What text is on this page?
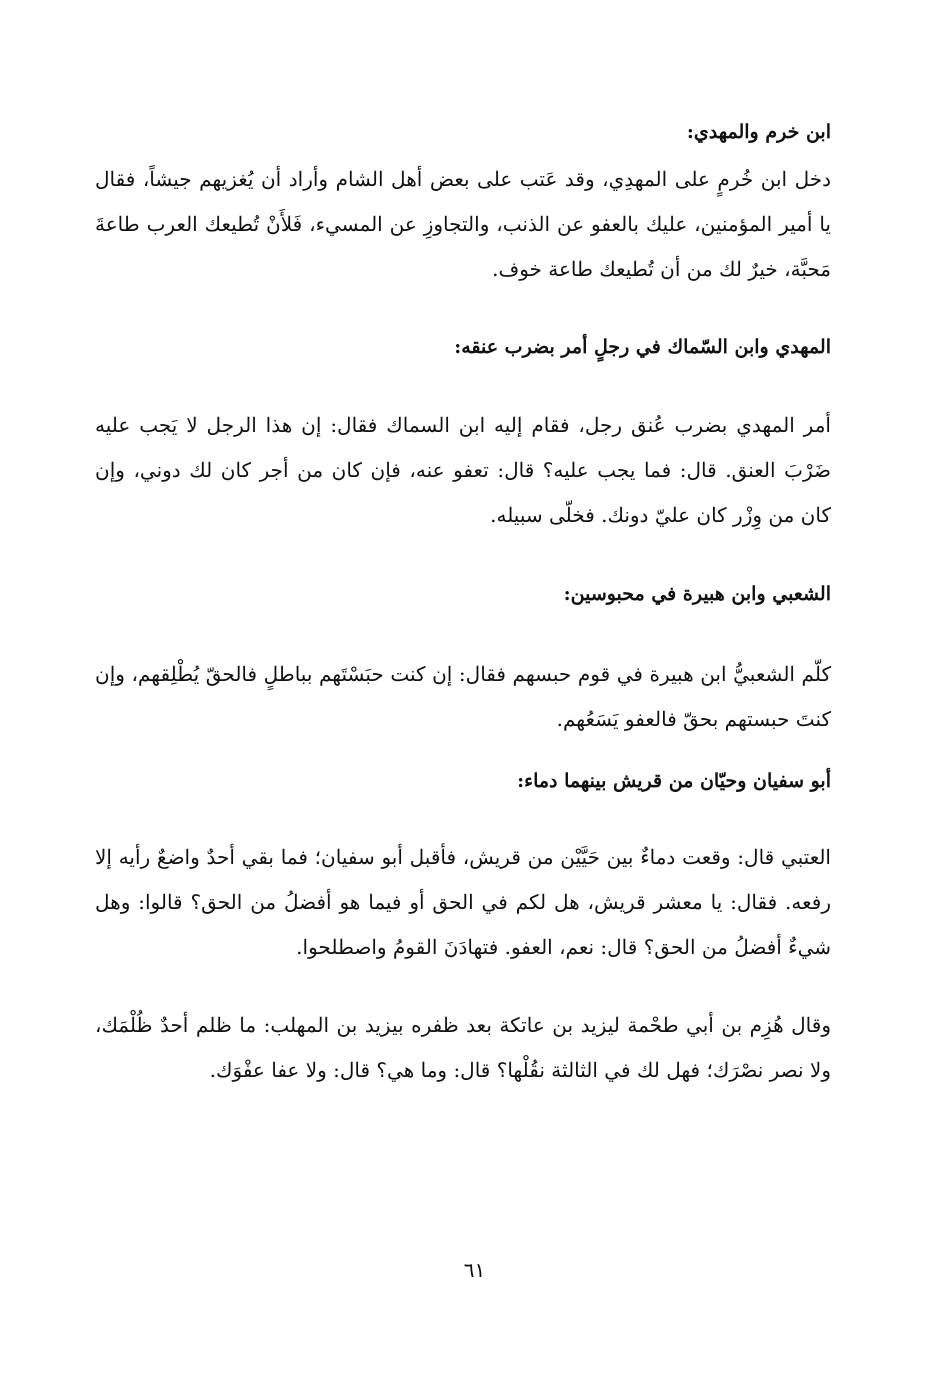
ابن خرم والمهدي:

دخل ابن خُرمٍ على المهدِي، وقد عَتب على بعض أهل الشام وأراد أن يُغزيهم جيشاً، فقال يا أمير المؤمنين، عليك بالعفو عن الذنب، والتجاوزِ عن المسيء، فَلأَنْ تُطيعك العرب طاعةَ مَحبَّة، خيرٌ لك من أن تُطيعك طاعة خوف.

المهدي وابن السّماك في رجلٍ أمر بضرب عنقه:

أمر المهدي بضرب عُنق رجل، فقام إليه ابن السماك فقال: إن هذا الرجل لا يَجب عليه ضَرْبَ العنق. قال: فما يجب عليه؟ قال: تعفو عنه، فإن كان من أجر كان لك دوني، وإن كان من وِزْر كان عليّ دونك. فخلّى سبيله.

الشعبي وابن هبيرة في محبوسين:

كلّم الشعبيُّ ابن هبيرة في قوم حبسهم فقال: إن كنت حبَسْتَهم بباطلٍ فالحقّ يُطْلِقهم، وإن كنتَ حبستهم بحقّ فالعفو يَسَعُهم.

أبو سفيان وحيّان من قريش بينهما دماء:

العتبي قال: وقعت دماءٌ بين حَيَّيْن من قريش، فأقبل أبو سفيان؛ فما بقي أحدٌ واضعٌ رأيه إلا رفعه. فقال: يا معشر قريش، هل لكم في الحق أو فيما هو أفضلُ من الحق؟ قالوا: وهل شيءٌ أفضلُ من الحق؟ قال: نعم، العفو. فتهادَنَ القومُ واصطلحوا.

وقال هُزِم بن أبي طحْمة ليزيد بن عاتكة بعد ظفره بيزيد بن المهلب: ما ظلم أحدٌ ظُلْمَك، ولا نصر نصْرَك؛ فهل لك في الثالثة نقُلْها؟ قال: وما هي؟ قال: ولا عفا عفْوَك.

٦١
